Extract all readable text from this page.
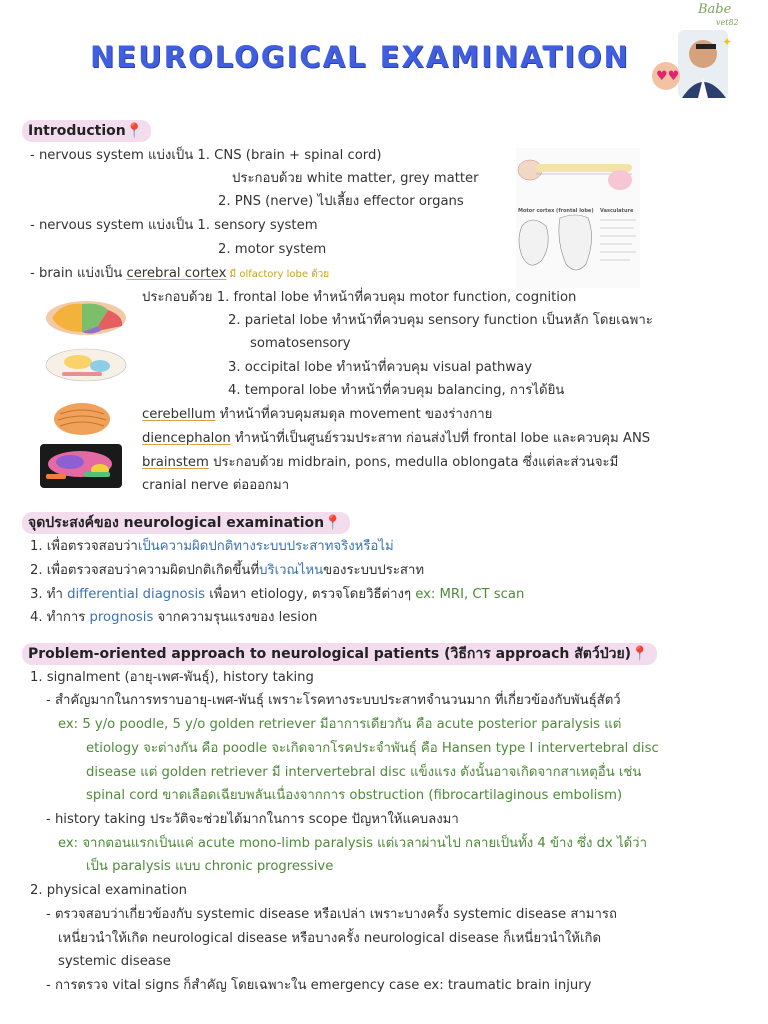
Babe
vet82
NEUROLOGICAL EXAMINATION
♥♥
✦
Introduction📍
- nervous system แบ่งเป็น 1. CNS (brain + spinal cord)
ประกอบด้วย white matter, grey matter
2. PNS (nerve) ไปเลี้ยง effector organs
- nervous system แบ่งเป็น 1. sensory system
2. motor system
- brain แบ่งเป็น cerebral cortex มี olfactory lobe ด้วย
ประกอบด้วย 1. frontal lobe ทำหน้าที่ควบคุม motor function, cognition
2. parietal lobe ทำหน้าที่ควบคุม sensory function เป็นหลัก โดยเฉพาะ
somatosensory
3. occipital lobe ทำหน้าที่ควบคุม visual pathway
4. temporal lobe ทำหน้าที่ควบคุม balancing, การได้ยิน
cerebellum ทำหน้าที่ควบคุมสมดุล movement ของร่างกาย
diencephalon ทำหน้าที่เป็นศูนย์รวมประสาท ก่อนส่งไปที่ frontal lobe และควบคุม ANS
brainstem ประกอบด้วย midbrain, pons, medulla oblongata ซึ่งแต่ละส่วนจะมี
cranial nerve ต่อออกมา
Motor cortex (frontal lobe) Vasculature
จุดประสงค์ของ neurological examination📍
1. เพื่อตรวจสอบว่าเป็นความผิดปกติทางระบบประสาทจริงหรือไม่
2. เพื่อตรวจสอบว่าความผิดปกติเกิดขึ้นที่บริเวณไหนของระบบประสาท
3. ทำ differential diagnosis เพื่อหา etiology, ตรวจโดยวิธีต่างๆ ex: MRI, CT scan
4. ทำการ prognosis จากความรุนแรงของ lesion
Problem-oriented approach to neurological patients (วิธีการ approach สัตว์ป่วย)📍
1. signalment (อายุ-เพศ-พันธุ์), history taking
- สำคัญมากในการทราบอายุ-เพศ-พันธุ์ เพราะโรคทางระบบประสาทจำนวนมาก ที่เกี่ยวข้องกับพันธุ์สัตว์
ex: 5 y/o poodle, 5 y/o golden retriever มีอาการเดียวกัน คือ acute posterior paralysis แต่
etiology จะต่างกัน คือ poodle จะเกิดจากโรคประจำพันธุ์ คือ Hansen type I intervertebral disc
disease แต่ golden retriever มี intervertebral disc แข็งแรง ดังนั้นอาจเกิดจากสาเหตุอื่น เช่น
spinal cord ขาดเลือดเฉียบพลันเนื่องจากการ obstruction (fibrocartilaginous embolism)
- history taking ประวัติจะช่วยได้มากในการ scope ปัญหาให้แคบลงมา
ex: จากตอนแรกเป็นแค่ acute mono-limb paralysis แต่เวลาผ่านไป กลายเป็นทั้ง 4 ข้าง ซึ่ง dx ได้ว่า
เป็น paralysis แบบ chronic progressive
2. physical examination
- ตรวจสอบว่าเกี่ยวข้องกับ systemic disease หรือเปล่า เพราะบางครั้ง systemic disease สามารถ
เหนี่ยวนำให้เกิด neurological disease หรือบางครั้ง neurological disease ก็เหนี่ยวนำให้เกิด
systemic disease
- การตรวจ vital signs ก็สำคัญ โดยเฉพาะใน emergency case ex: traumatic brain injury
